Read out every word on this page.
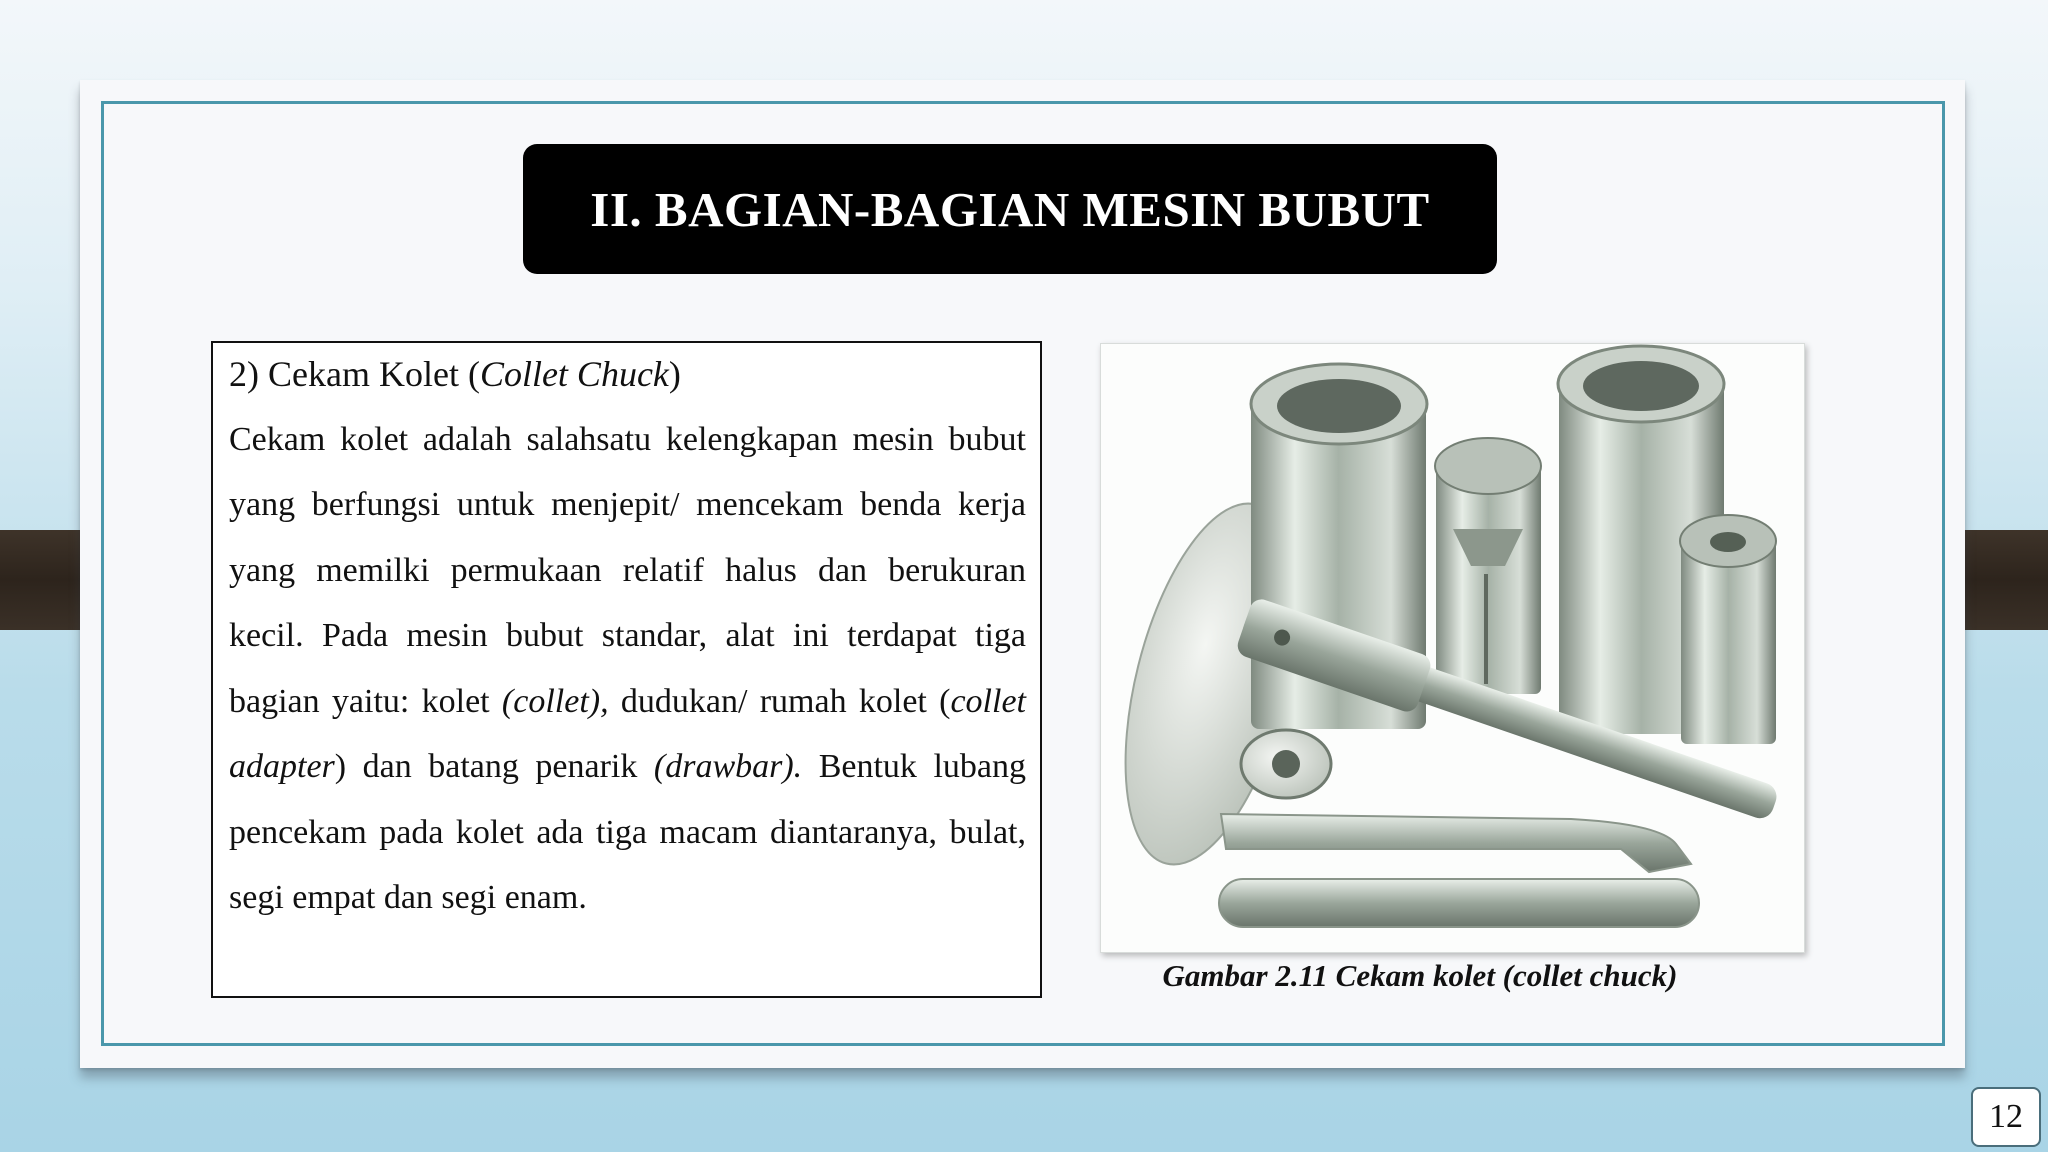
II. BAGIAN-BAGIAN MESIN BUBUT

2) Cekam Kolet (Collet Chuck)

Cekam kolet adalah salahsatu kelengkapan mesin bubut yang berfungsi untuk menjepit/ mencekam benda kerja yang memilki permukaan relatif halus dan berukuran kecil. Pada mesin bubut standar, alat ini terdapat tiga bagian yaitu: kolet (collet), dudukan/ rumah kolet (collet adapter) dan batang penarik (drawbar). Bentuk lubang pencekam pada kolet ada tiga macam diantaranya, bulat, segi empat dan segi enam.

Gambar 2.11 Cekam kolet (collet chuck)
12
